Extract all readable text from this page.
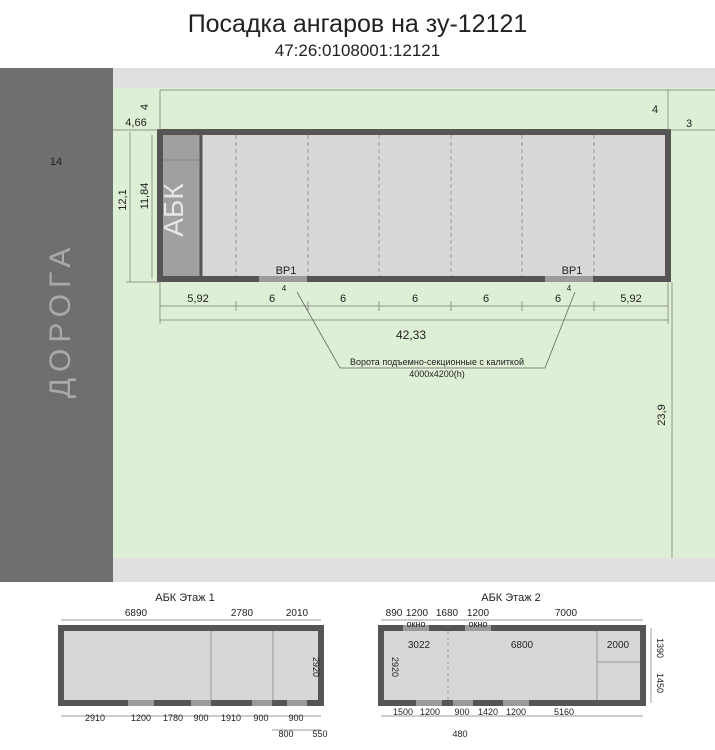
Посадка ангаров на зу-12121
47:26:0108001:12121
ДОРОГА
АБК
ВР1	ВР1
4	4
Ворота подъемно-секционные с калиткой
4000x4200(h)
14
4	4
3
4,66
12,1 11,84
23,9
42,33
5,92	6	6	6	6	6	5,92
АБК Этаж 1
6890	2780	2010
2920
2910	1200 1780 900 1910 900 900
800 550
АБК Этаж 2
890 1200 1680 1200	7000
окно	окно
3022	6800	2000
2920
1390
1450
1500 1200 900 1420 1200	5160
480
